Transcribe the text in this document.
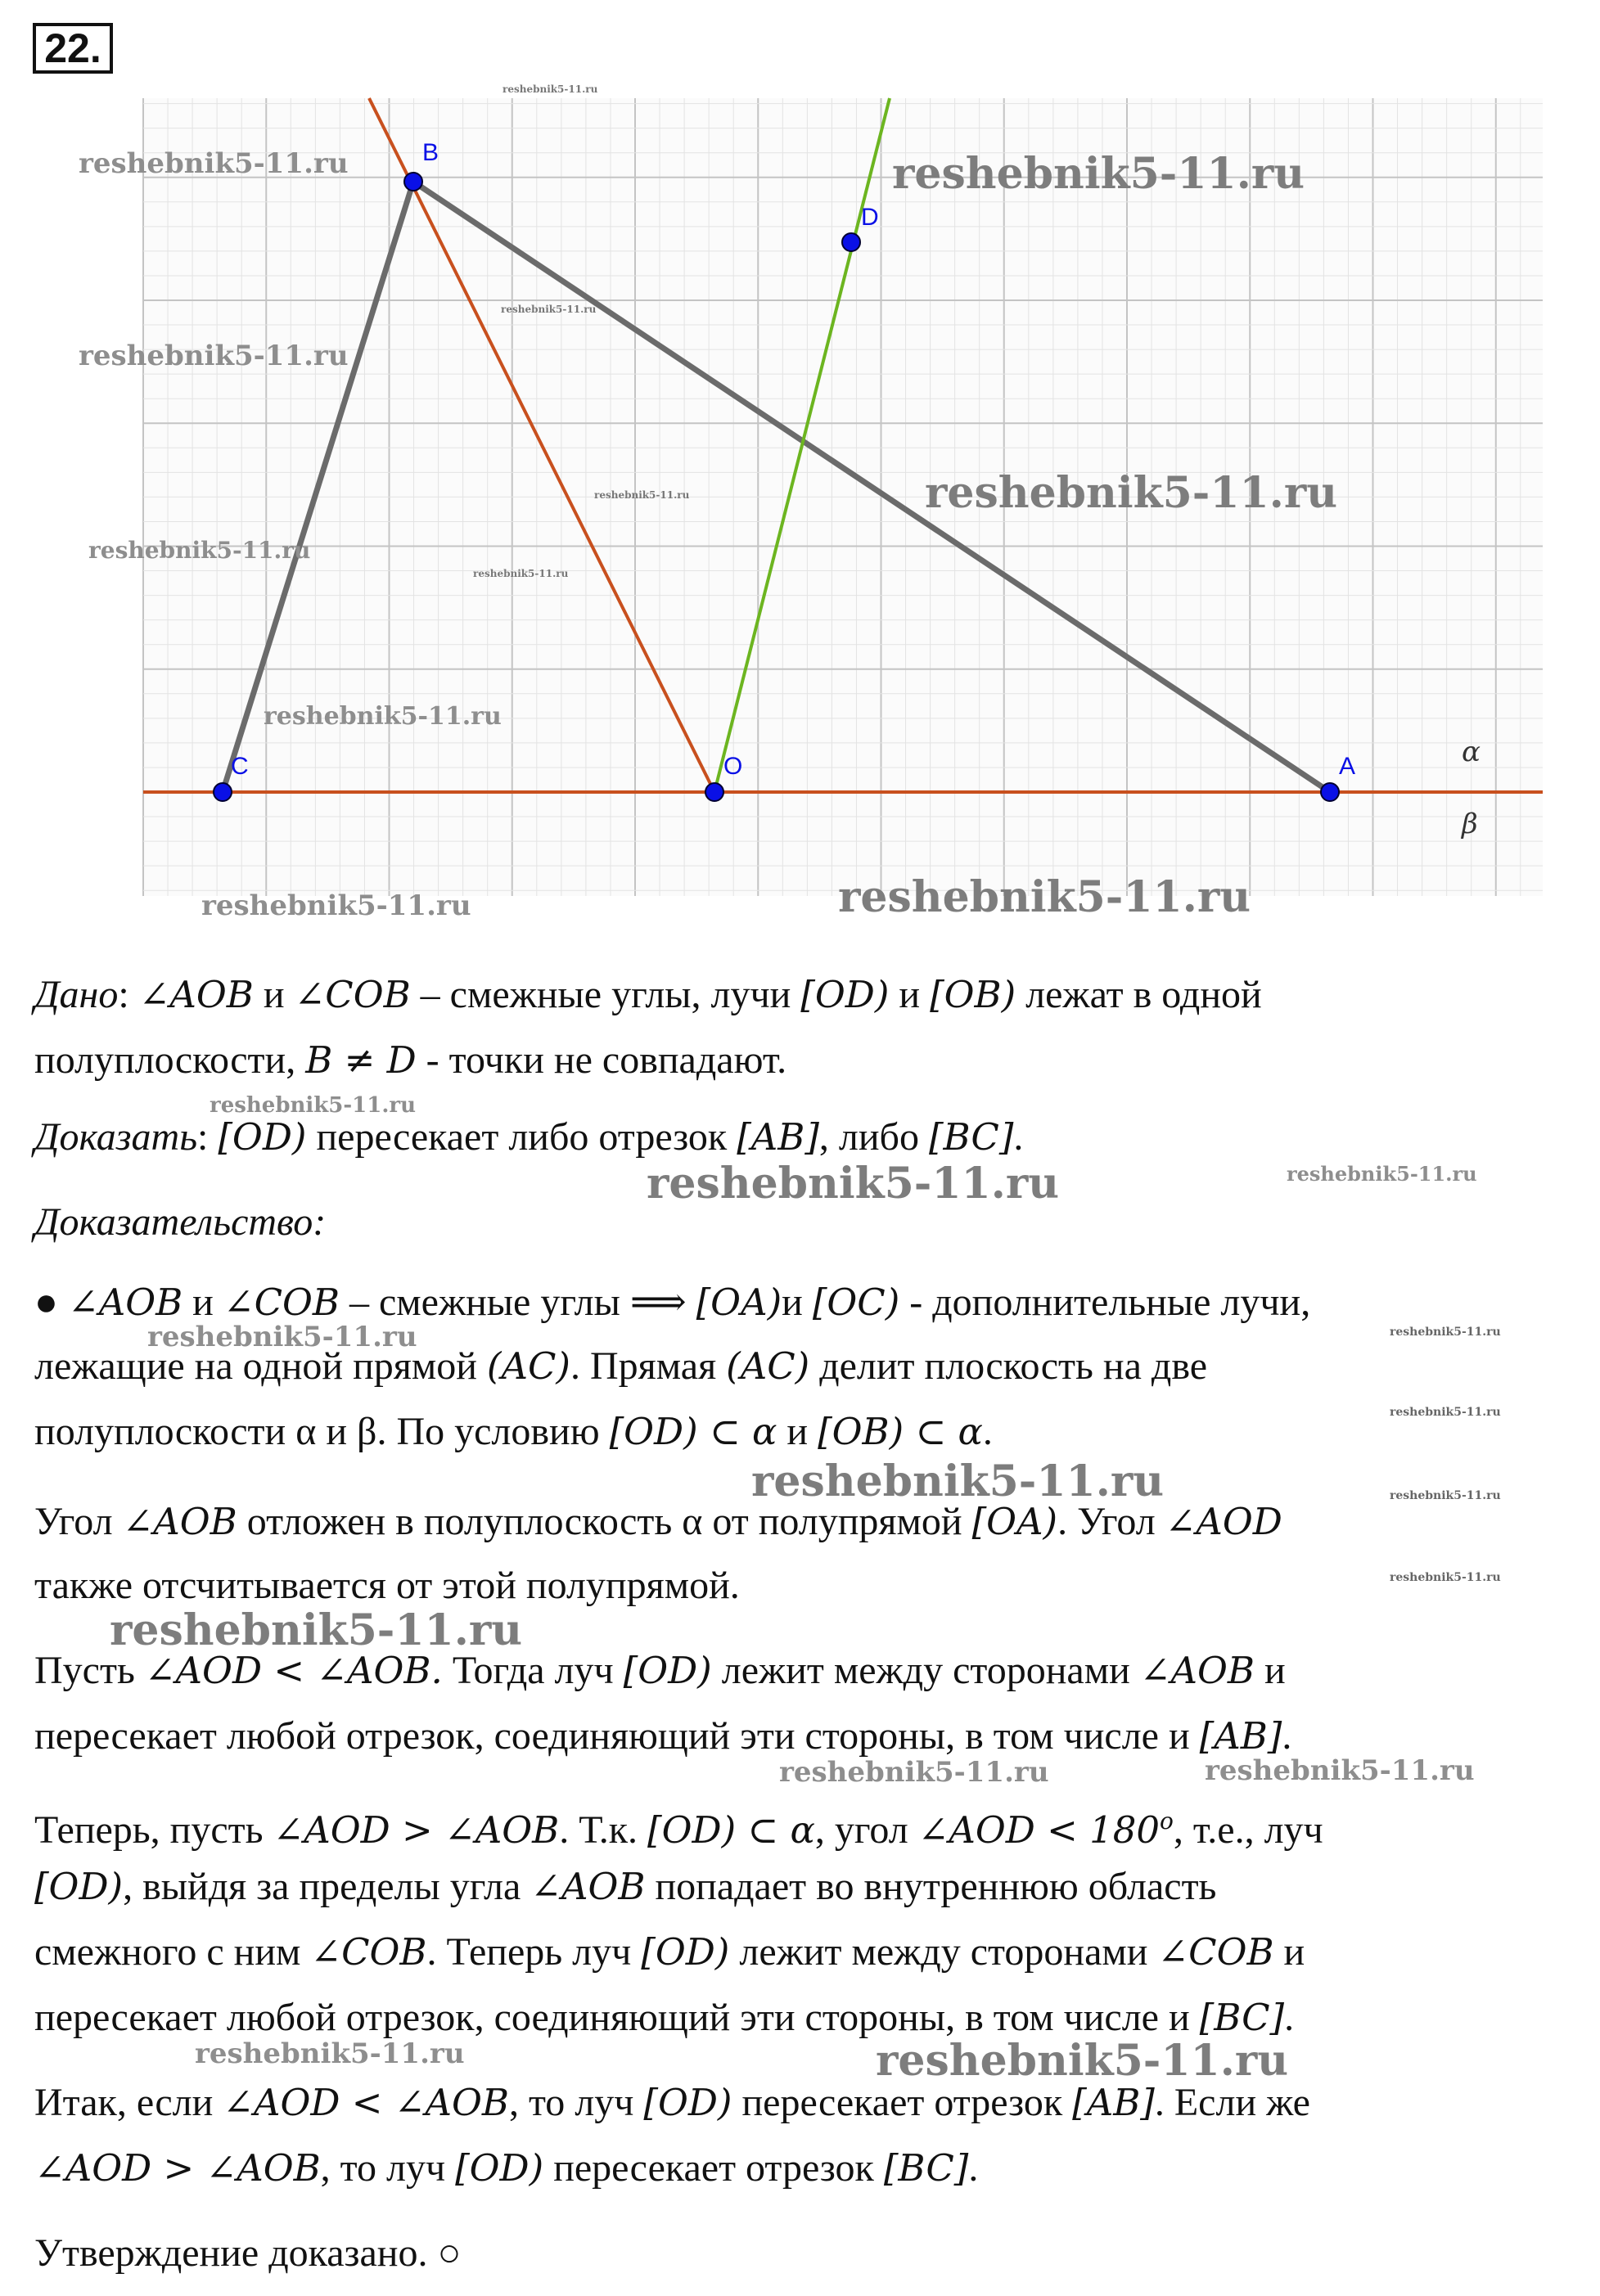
22.
B
D
C	O	A	α
β
reshebnik5-11.ru
reshebnik5-11.ru	reshebnik5-11.ru
reshebnik5-11.ru
reshebnik5-11.ru
reshebnik5-11.ru
reshebnik5-11.ru
reshebnik5-11.ru
reshebnik5-11.ru
reshebnik5-11.ru
reshebnik5-11.ru	reshebnik5-11.ru
Дано: ∠AOB и ∠COB – смежные углы, лучи [OD) и [OB) лежат в одной
полуплоскости, B ≠ D - точки не совпадают.
reshebnik5-11.ru
Доказать: [OD) пересекает либо отрезок [AB], либо [BC].
reshebnik5-11.ru	reshebnik5-11.ru
Доказательство:
● ∠AOB и ∠COB – смежные углы ⟹ [OA)и [OC) - дополнительные лучи,
reshebnik5-11.ru	reshebnik5-11.ru
лежащие на одной прямой (AC). Прямая (AC) делит плоскость на две
reshebnik5-11.ru
полуплоскости α и β. По условию [OD) ⊂ α и [OB) ⊂ α.
reshebnik5-11.ru	reshebnik5-11.ru
Угол ∠AOB отложен в полуплоскость α от полупрямой [OA). Угол ∠AOD
reshebnik5-11.ru
также отсчитывается от этой полупрямой.
reshebnik5-11.ru
Пусть ∠AOD < ∠AOB. Тогда луч [OD) лежит между сторонами ∠AOB и
пересекает любой отрезок, соединяющий эти стороны, в том числе и [AB].
reshebnik5-11.ru	reshebnik5-11.ru
Теперь, пусть ∠AOD > ∠AOB. Т.к. [OD) ⊂ α, угол ∠AOD < $180^o$, т.е., луч
[OD), выйдя за пределы угла ∠AOB попадает во внутреннюю область
смежного с ним ∠COB. Теперь луч [OD) лежит между сторонами ∠COB и
пересекает любой отрезок, соединяющий эти стороны, в том числе и [BC].
reshebnik5-11.ru	reshebnik5-11.ru
Итак, если ∠AOD < ∠AOB, то луч [OD) пересекает отрезок [AB]. Если же
∠AOD > ∠AOB, то луч [OD) пересекает отрезок [BC].
Утверждение доказано. ○
